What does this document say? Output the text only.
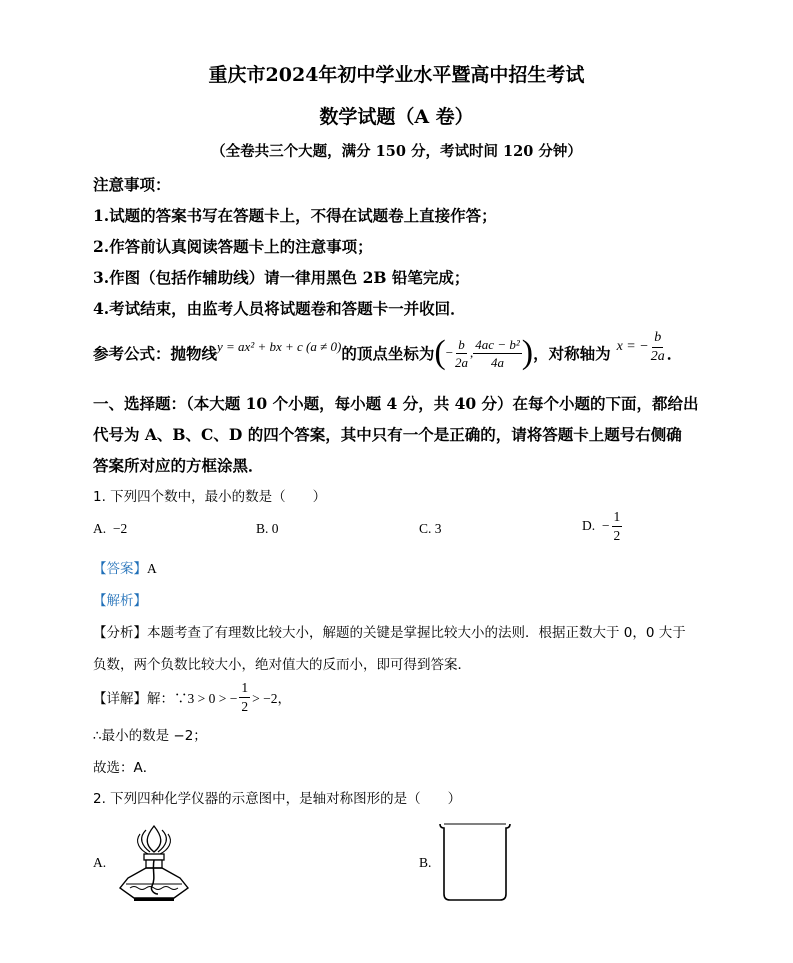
重庆市2024年初中学业水平暨高中招生考试
数学试题（A 卷）
（全卷共三个大题，满分 150 分，考试时间 120 分钟）
注意事项：
1.试题的答案书写在答题卡上，不得在试题卷上直接作答；
2.作答前认真阅读答题卡上的注意事项；
3.作图（包括作辅助线）请一律用黑色 2B 铅笔完成；
4.考试结束，由监考人员将试题卷和答题卡一并收回．
参考公式：抛物线 y = ax² + bx + c (a ≠ 0) 的顶点坐标为 ( − $\frac{b}{2a}$ , $\frac{\text{4ac − b²}}{4a}$ ) ，对称轴为 x = − $\frac{b}{2a}$ ．
一、选择题：（本大题 10 个小题，每小题 4 分，共 40 分）在每个小题的下面，都给出
代号为 A、B、C、D 的四个答案，其中只有一个是正确的，请将答题卡上题号右侧确
答案所对应的方框涂黑．
1. 下列四个数中，最小的数是（　　）
A. −2	B. 0	C. 3	D.
− $\frac{1}{2}$
【答案】A
【解析】
【分析】本题考查了有理数比较大小，解题的关键是掌握比较大小的法则．根据正数大于 0，0 大于
负数，两个负数比较大小，绝对值大的反而小，即可得到答案．
【详解】 解：∵3 > 0 > − $\frac{1}{2} > -2$，
∴最小的数是 −2；
故选：A．
2. 下列四种化学仪器的示意图中，是轴对称图形的是（　　）
A.	B.
